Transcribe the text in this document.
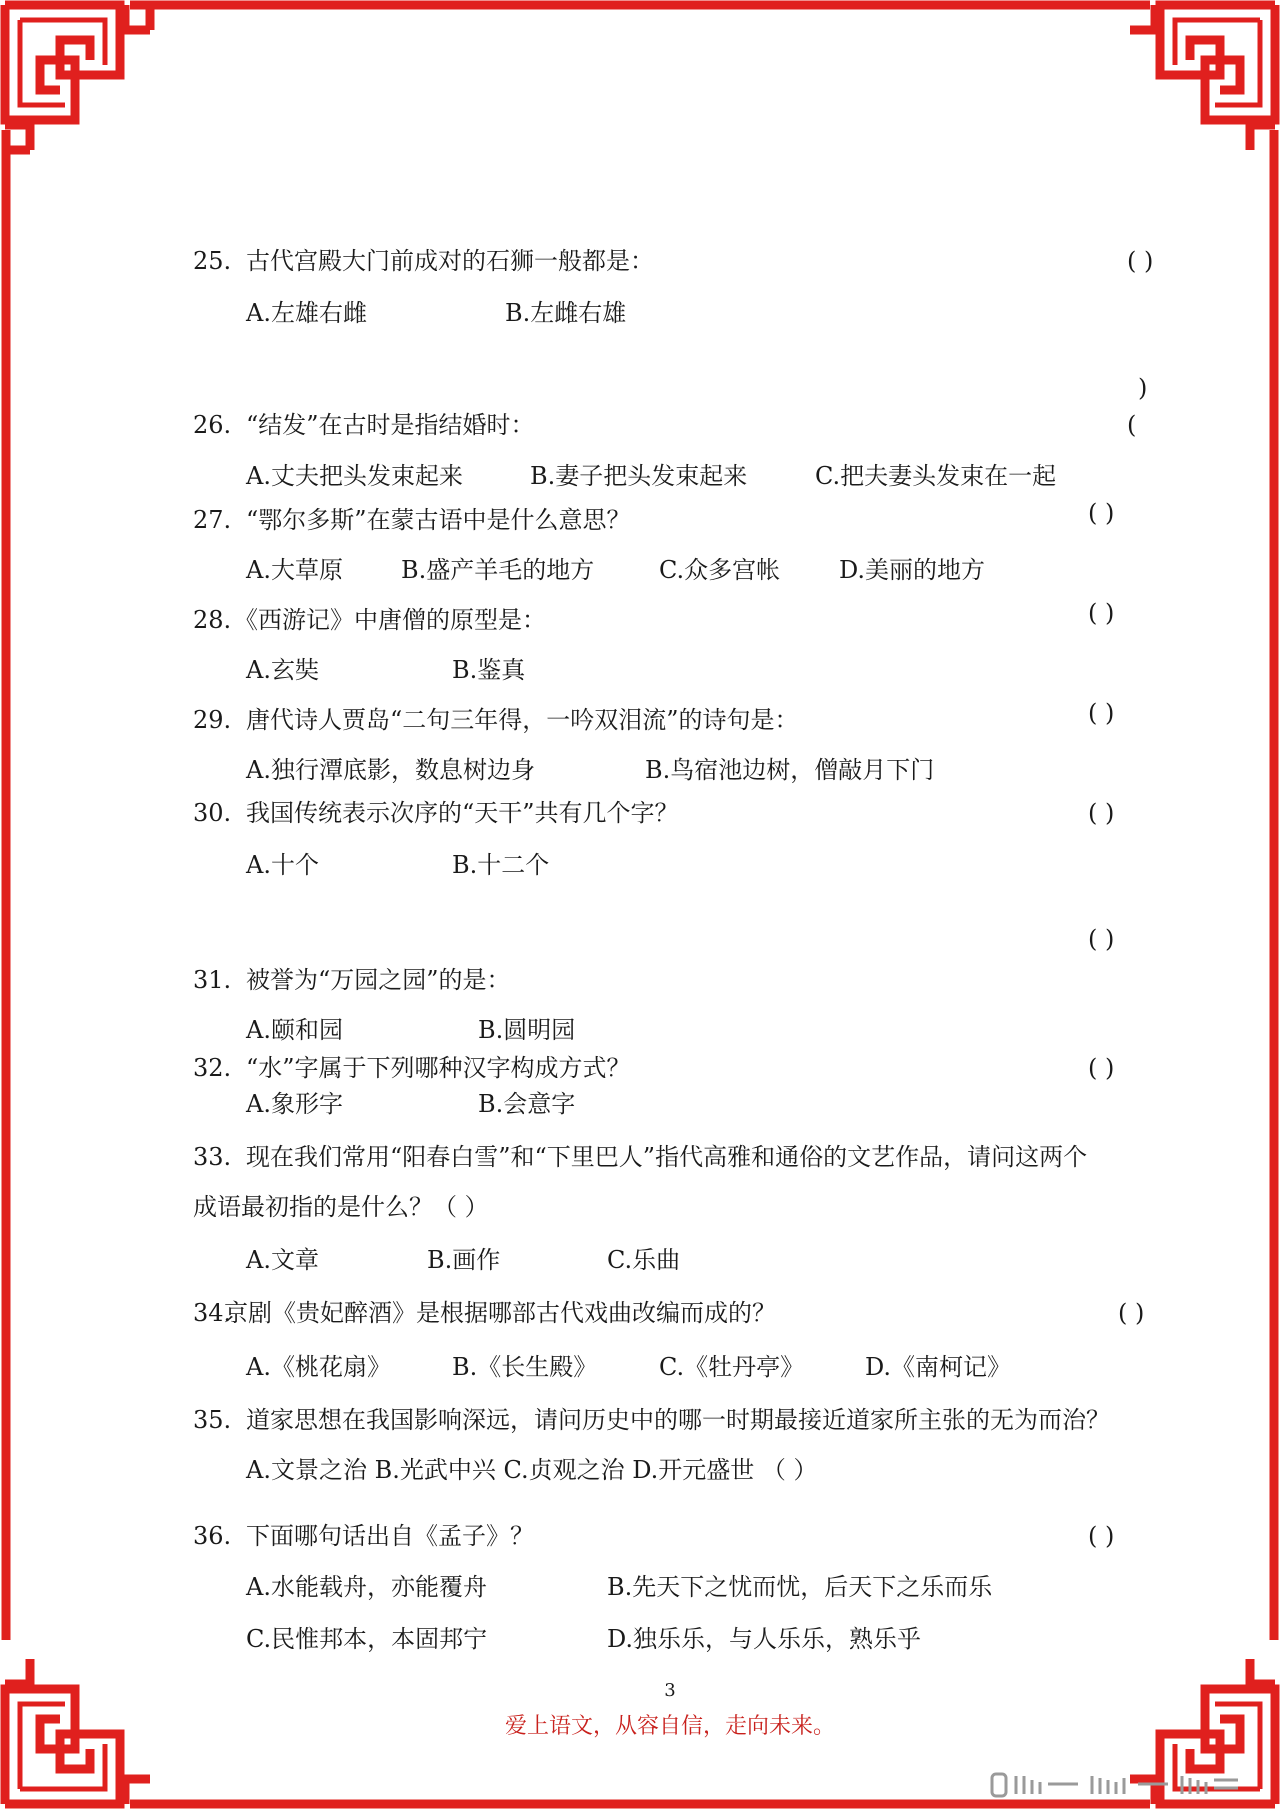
25. 古代宫殿大门前成对的石狮一般都是：	( )
A.左雄右雌	B.左雌右雄
)
26. “结发”在古时是指结婚时：	(
A.丈夫把头发束起来	B.妻子把头发束起来	C.把夫妻头发束在一起
27. “鄂尔多斯”在蒙古语中是什么意思？	( )
A.大草原 B.盛产羊毛的地方	C.众多宫帐 D.美丽的地方
28. 《西游记》中唐僧的原型是：	( )
A.玄奘	B.鉴真
29. 唐代诗人贾岛“二句三年得，一吟双泪流”的诗句是：	( )
A.独行潭底影，数息树边身	B.鸟宿池边树，僧敲月下门
30. 我国传统表示次序的“天干”共有几个字？	( )
A.十个	B.十二个
( )
31. 被誉为“万园之园”的是：
A.颐和园	B.圆明园
32. “水”字属于下列哪种汉字构成方式？	( )
A.象形字	B.会意字
33. 现在我们常用“阳春白雪”和“下里巴人”指代高雅和通俗的文艺作品，请问这两个
成语最初指的是什么？（ ）
A.文章	B.画作	C.乐曲
34.
京剧《贵妃醉酒》是根据哪部古代戏曲改编而成的？	( )
A.《桃花扇》	B.《长生殿》	C.《牡丹亭》	D.《南柯记》
35. 道家思想在我国影响深远，请问历史中的哪一时期最接近道家所主张的无为而治？
A.文景之治 B.光武中兴 C.贞观之治 D.开元盛世 （ ）
36. 下面哪句话出自《孟子》？	( )
A.水能载舟，亦能覆舟	B.先天下之忧而忧，后天下之乐而乐
C.民惟邦本，本固邦宁	D.独乐乐，与人乐乐，熟乐乎
3
爱上语文，从容自信，走向未来。
